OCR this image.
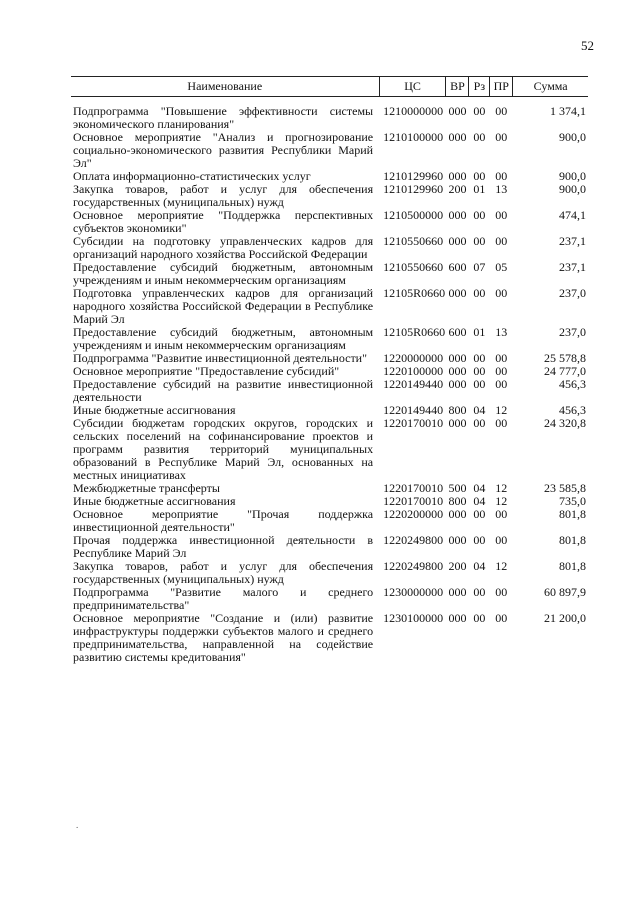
52
Наименование	ЦС	ВР	Рз	ПР	Сумма

Подпрограмма "Повышение эффективности системы экономического планирования"	1210000000	000	00	00	1 374,1
Основное мероприятие "Анализ и прогнозирование социально-экономического развития Республики Марий Эл"	1210100000	000	00	00	900,0
Оплата информационно-статистических услуг	1210129960	000	00	00	900,0
Закупка товаров, работ и услуг для обеспечения государственных (муниципальных) нужд	1210129960	200	01	13	900,0
Основное мероприятие "Поддержка перспективных субъектов экономики"	1210500000	000	00	00	474,1
Субсидии на подготовку управленческих кадров для организаций народного хозяйства Российской Федерации	1210550660	000	00	00	237,1
Предоставление субсидий бюджетным, автономным учреждениям и иным некоммерческим организациям	1210550660	600	07	05	237,1
Подготовка управленческих кадров для организаций народного хозяйства Российской Федерации в Республике Марий Эл	12105R0660	000	00	00	237,0
Предоставление субсидий бюджетным, автономным учреждениям и иным некоммерческим организациям	12105R0660	600	01	13	237,0
Подпрограмма "Развитие инвестиционной деятельности"	1220000000	000	00	00	25 578,8
Основное мероприятие "Предоставление субсидий"	1220100000	000	00	00	24 777,0
Предоставление субсидий на развитие инвестиционной деятельности	1220149440	000	00	00	456,3
Иные бюджетные ассигнования	1220149440	800	04	12	456,3
Субсидии бюджетам городских округов, городских и сельских поселений на софинансирование проектов и программ развития территорий муниципальных образований в Республике Марий Эл, основанных на местных инициативах	1220170010	000	00	00	24 320,8
Межбюджетные трансферты	1220170010	500	04	12	23 585,8
Иные бюджетные ассигнования	1220170010	800	04	12	735,0
Основное мероприятие "Прочая поддержка инвестиционной деятельности"	1220200000	000	00	00	801,8
Прочая поддержка инвестиционной деятельности в Республике Марий Эл	1220249800	000	00	00	801,8
Закупка товаров, работ и услуг для обеспечения государственных (муниципальных) нужд	1220249800	200	04	12	801,8
Подпрограмма "Развитие малого и среднего предпринимательства"	1230000000	000	00	00	60 897,9
Основное мероприятие "Создание и (или) развитие инфраструктуры поддержки субъектов малого и среднего предпринимательства, направленной на содействие развитию системы кредитования"	1230100000	000	00	00	21 200,0
.
